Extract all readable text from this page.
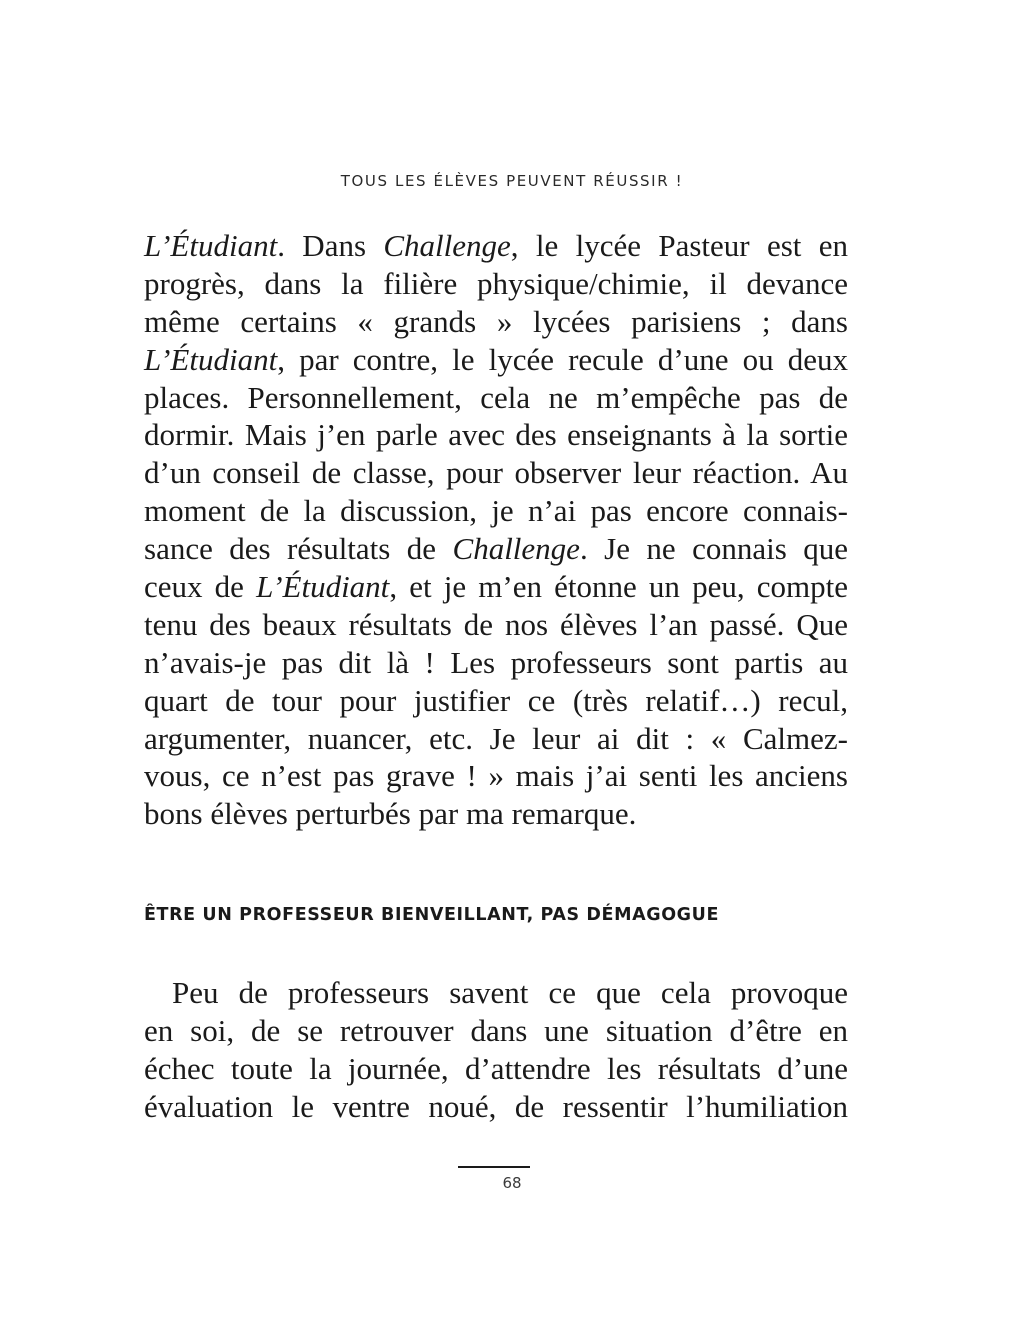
TOUS LES ÉLÈVES PEUVENT RÉUSSIR !
L’Étudiant. Dans Challenge, le lycée Pasteur est en
progrès, dans la filière physique/chimie, il devance
même certains « grands » lycées parisiens ; dans
L’Étudiant, par contre, le lycée recule d’une ou deux
places. Personnellement, cela ne m’empêche pas de
dormir. Mais j’en parle avec des enseignants à la sortie
d’un conseil de classe, pour observer leur réaction. Au
moment de la discussion, je n’ai pas encore connais-
sance des résultats de Challenge. Je ne connais que
ceux de L’Étudiant, et je m’en étonne un peu, compte
tenu des beaux résultats de nos élèves l’an passé. Que
n’avais-je pas dit là ! Les professeurs sont partis au
quart de tour pour justifier ce (très relatif…) recul,
argumenter, nuancer, etc. Je leur ai dit : « Calmez-
vous, ce n’est pas grave ! » mais j’ai senti les anciens
bons élèves perturbés par ma remarque.
ÊTRE UN PROFESSEUR BIENVEILLANT, PAS DÉMAGOGUE
Peu de professeurs savent ce que cela provoque
en soi, de se retrouver dans une situation d’être en
échec toute la journée, d’attendre les résultats d’une
évaluation le ventre noué, de ressentir l’humiliation
68
